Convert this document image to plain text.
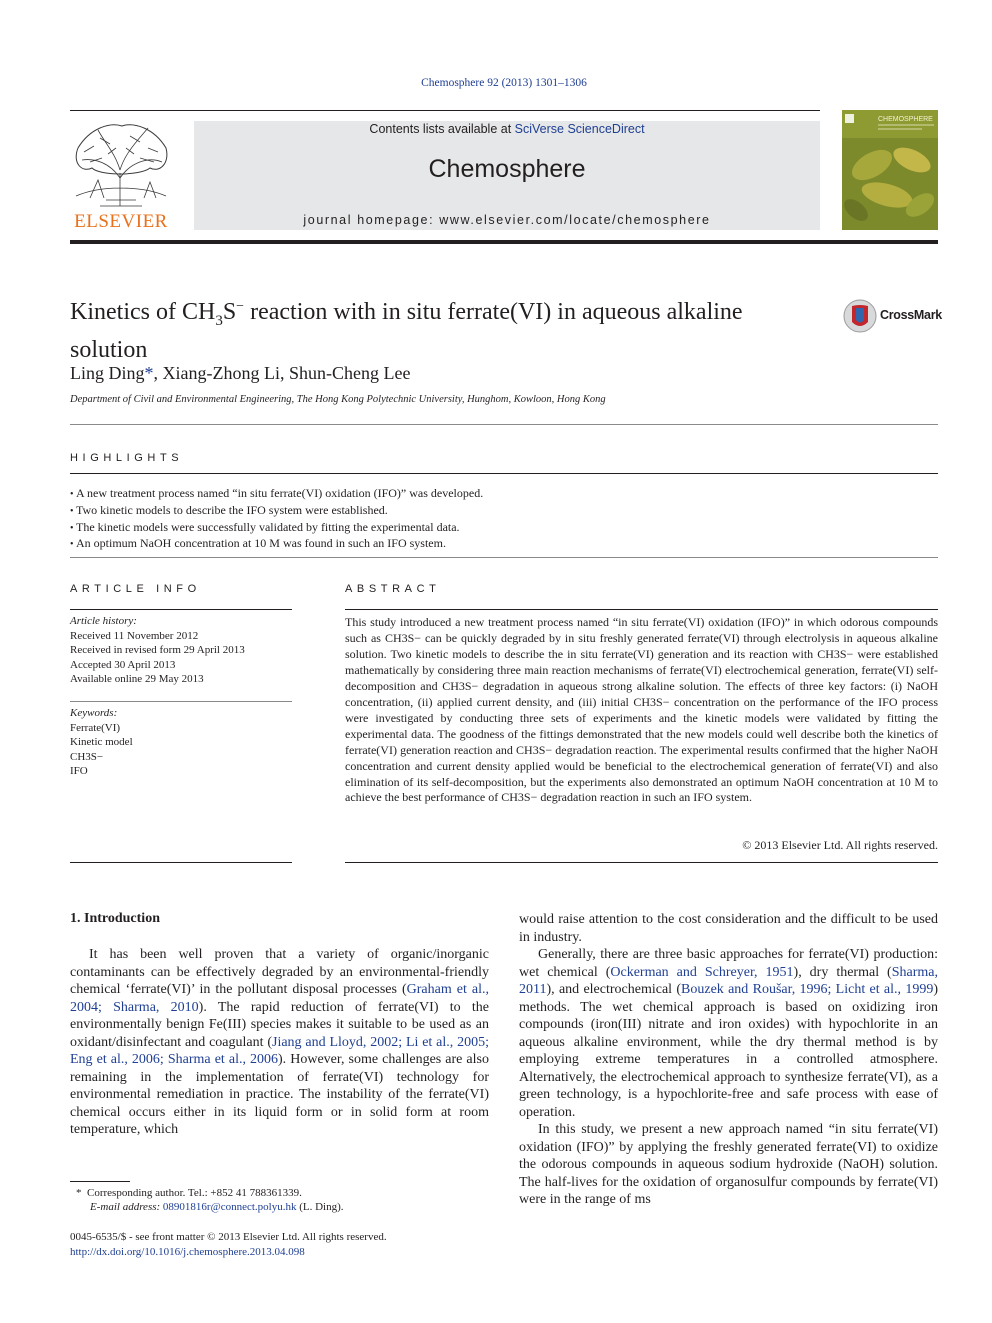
Chemosphere 92 (2013) 1301–1306
ELSEVIER
Contents lists available at SciVerse ScienceDirect
Chemosphere
journal homepage: www.elsevier.com/locate/chemosphere
CHEMOSPHERE
Kinetics of $CH_3S^-$ reaction with in situ ferrate(VI) in aqueous alkaline
solution
CrossMark
Ling Ding*, Xiang-Zhong Li, Shun-Cheng Lee
Department of Civil and Environmental Engineering, The Hong Kong Polytechnic University, Hunghom, Kowloon, Hong Kong
HIGHLIGHTS
• A new treatment process named “in situ ferrate(VI) oxidation (IFO)” was developed.
• Two kinetic models to describe the IFO system were established.
• The kinetic models were successfully validated by fitting the experimental data.
• An optimum NaOH concentration at 10 M was found in such an IFO system.
ARTICLE INFO
Article history:
Received 11 November 2012
Received in revised form 29 April 2013
Accepted 30 April 2013
Available online 29 May 2013
Keywords:
Ferrate(VI)
Kinetic model
CH3S−
IFO
ABSTRACT
This study introduced a new treatment process named “in situ ferrate(VI) oxidation (IFO)” in which odorous compounds such as CH3S− can be quickly degraded by in situ freshly generated ferrate(VI) through electrolysis in aqueous alkaline solution. Two kinetic models to describe the in situ ferrate(VI) generation and its reaction with CH3S− were established mathematically by considering three main reaction mechanisms of ferrate(VI) electrochemical generation, ferrate(VI) self-decomposition and CH3S− degradation in aqueous strong alkaline solution. The effects of three key factors: (i) NaOH concentration, (ii) applied current density, and (iii) initial CH3S− concentration on the performance of the IFO process were investigated by conducting three sets of experiments and the kinetic models were validated by fitting the experimental data. The goodness of the fittings demonstrated that the new models could well describe both the kinetics of ferrate(VI) generation reaction and CH3S− degradation reaction. The experimental results confirmed that the higher NaOH concentration and current density applied would be beneficial to the electrochemical generation of ferrate(VI) and also elimination of its self-decomposition, but the experiments also demonstrated an optimum NaOH concentration at 10 M to achieve the best performance of CH3S− degradation reaction in such an IFO system.
© 2013 Elsevier Ltd. All rights reserved.
1. Introduction

It has been well proven that a variety of organic/inorganic contaminants can be effectively degraded by an environmental-friendly chemical ‘ferrate(VI)’ in the pollutant disposal processes (Graham et al., 2004; Sharma, 2010). The rapid reduction of ferrate(VI) to the environmentally benign Fe(III) species makes it suitable to be used as an oxidant/disinfectant and coagulant (Jiang and Lloyd, 2002; Li et al., 2005; Eng et al., 2006; Sharma et al., 2006). However, some challenges are also remaining in the implementation of ferrate(VI) technology for environmental remediation in practice. The instability of the ferrate(VI) chemical occurs either in its liquid form or in solid form at room temperature, which

would raise attention to the cost consideration and the difficult to be used in industry.

Generally, there are three basic approaches for ferrate(VI) production: wet chemical (Ockerman and Schreyer, 1951), dry thermal (Sharma, 2011), and electrochemical (Bouzek and Roušar, 1996; Licht et al., 1999) methods. The wet chemical approach is based on oxidizing iron compounds (iron(III) nitrate and iron oxides) with hypochlorite in an aqueous alkaline environment, while the dry thermal method is by employing extreme temperatures in a controlled atmosphere. Alternatively, the electrochemical approach to synthesize ferrate(VI), as a green technology, is a hypochlorite-free and safe process with ease of operation.

In this study, we present a new approach named “in situ ferrate(VI) oxidation (IFO)” by applying the freshly generated ferrate(VI) to oxidize the odorous compounds in aqueous sodium hydroxide (NaOH) solution. The half-lives for the oxidation of organosulfur compounds by ferrate(VI) were in the range of ms

* Corresponding author. Tel.: +852 41 788361339.
E-mail address: 08901816r@connect.polyu.hk (L. Ding).
0045-6535/$ - see front matter © 2013 Elsevier Ltd. All rights reserved.
http://dx.doi.org/10.1016/j.chemosphere.2013.04.098
